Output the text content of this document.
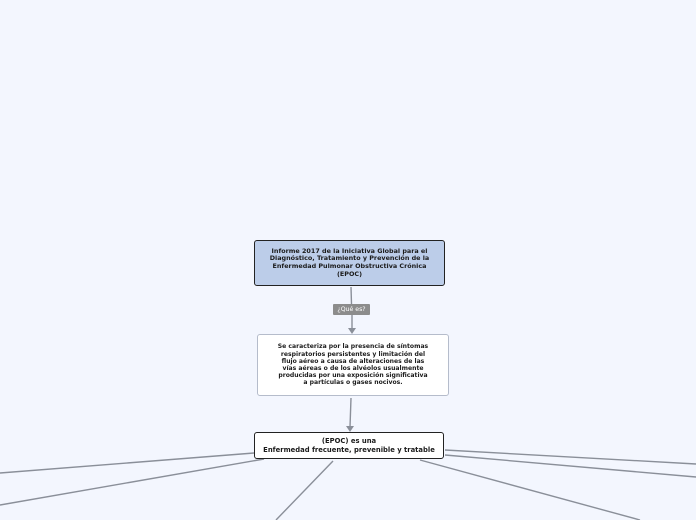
Informe 2017 de la Iniciativa Global para el
Diagnóstico, Tratamiento y Prevención de la
Enfermedad Pulmonar Obstructiva Crónica
(EPOC)
¿Qué es?
Se caracteriza por la presencia de síntomas
respiratorios persistentes y limitación del
flujo aéreo a causa de alteraciones de las
vías aéreas o de los alvéolos usualmente
producidas por una exposición significativa
a partículas o gases nocivos.
(EPOC) es una
Enfermedad frecuente, prevenible y tratable
